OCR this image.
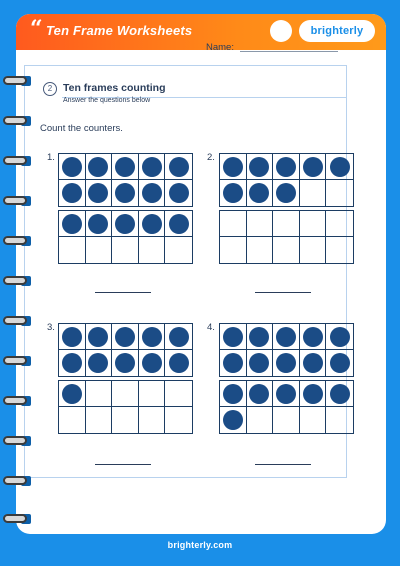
“ Ten Frame Worksheets	brighterly
Name:
2	Ten frames counting
Answer the questions below
Count the counters.
1.	2.
3.	4.
brighterly.com
